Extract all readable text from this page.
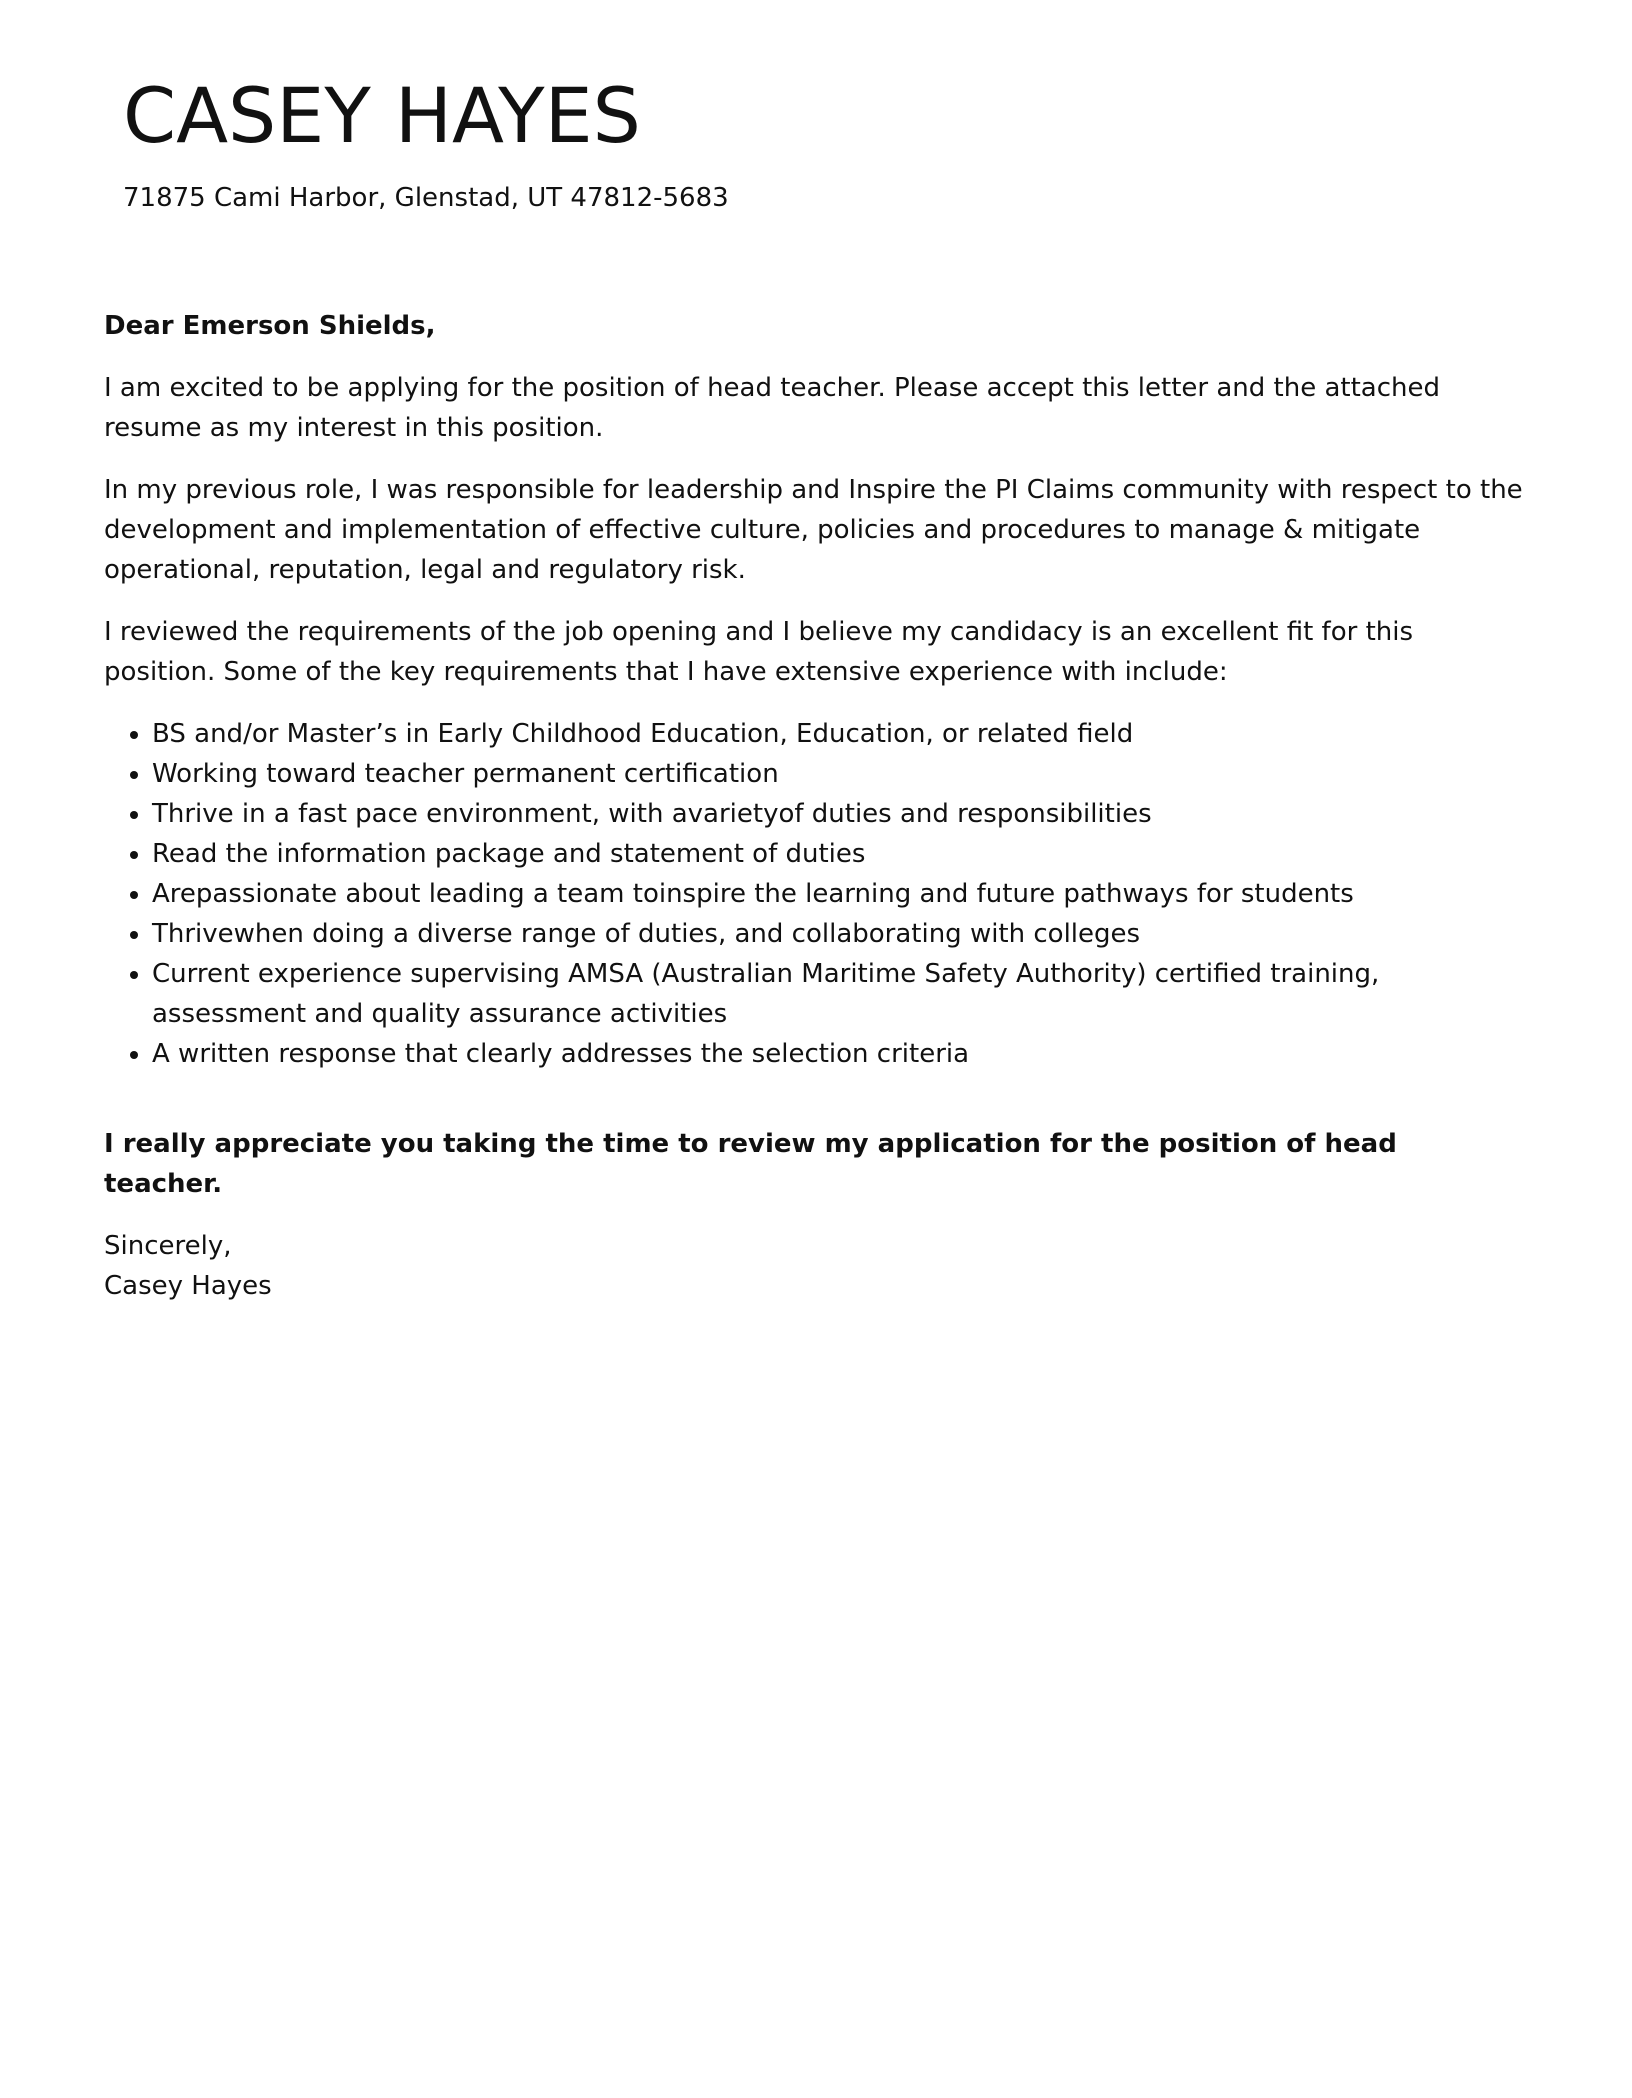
CASEY HAYES
71875 Cami Harbor, Glenstad, UT 47812-5683

Dear Emerson Shields,

I am excited to be applying for the position of head teacher. Please accept this letter and the attached resume as my interest in this position.

In my previous role, I was responsible for leadership and Inspire the PI Claims community with respect to the development and implementation of effective culture, policies and procedures to manage & mitigate operational, reputation, legal and regulatory risk.

I reviewed the requirements of the job opening and I believe my candidacy is an excellent fit for this position. Some of the key requirements that I have extensive experience with include:

• BS and/or Master’s in Early Childhood Education, Education, or related field
• Working toward teacher permanent certification
• Thrive in a fast pace environment, with avarietyof duties and responsibilities
• Read the information package and statement of duties
• Arepassionate about leading a team toinspire the learning and future pathways for students
• Thrivewhen doing a diverse range of duties, and collaborating with colleges
• Current experience supervising AMSA (Australian Maritime Safety Authority) certified training, assessment and quality assurance activities
• A written response that clearly addresses the selection criteria

I really appreciate you taking the time to review my application for the position of head teacher.

Sincerely,

Casey Hayes
